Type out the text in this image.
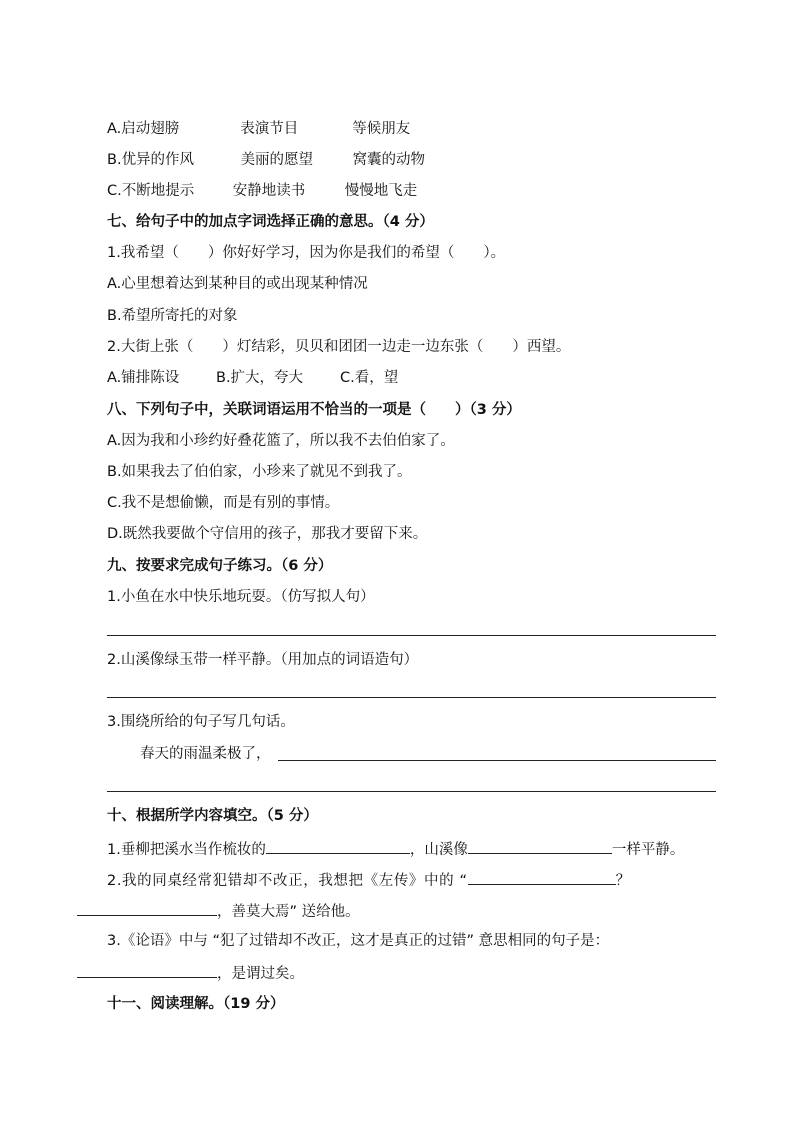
A.启动翅膀	表演节目	等候朋友
B.优异的作风	美丽的愿望	窝囊的动物
C.不断地提示	安静地读书	慢慢地飞走
七、给句子中的加点字词选择正确的意思。（4 分）
1.我希望（　　）你好好学习，因为你是我们的希望（　　）。
A.心里想着达到某种目的或出现某种情况
B.希望所寄托的对象
2.大街上张（　　）灯结彩，贝贝和团团一边走一边东张（　　）西望。
A.铺排陈设	B.扩大，夸大	C.看，望
八、下列句子中，关联词语运用不恰当的一项是（　　）（3 分）
A.因为我和小珍约好叠花篮了，所以我不去伯伯家了。
B.如果我去了伯伯家，小珍来了就见不到我了。
C.我不是想偷懒，而是有别的事情。
D.既然我要做个守信用的孩子，那我才要留下来。
九、按要求完成句子练习。（6 分）
1.小鱼在水中快乐地玩耍。（仿写拟人句）
2.山溪像绿玉带一样平静。（用加点的词语造句）
3.围绕所给的句子写几句话。
春天的雨温柔极了，
十、根据所学内容填空。（5 分）
1.垂柳把溪水当作梳妆的	，山溪像	一样平静。
2.我的同桌经常犯错却不改正，我想把《左传》中的 “	？
，善莫大焉” 送给他。
3.《论语》中与 “犯了过错却不改正，这才是真正的过错” 意思相同的句子是：
，是谓过矣。
十一、阅读理解。（19 分）
